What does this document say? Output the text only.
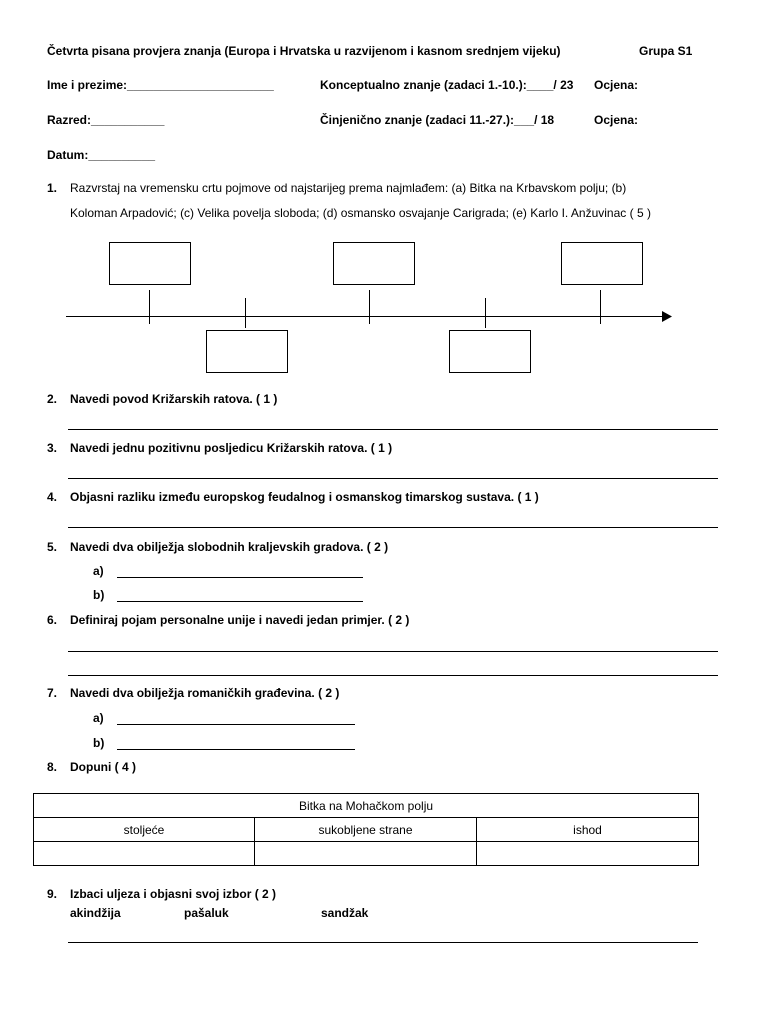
Četvrta pisana provjera znanja (Europa i Hrvatska u razvijenom i kasnom srednjem vijeku)	Grupa S1
Ime i prezime:______________________	Konceptualno znanje (zadaci 1.-10.):____/ 23 Ocjena:
Razred:___________	Činjenično znanje (zadaci 11.-27.):___/ 18	Ocjena:
Datum:__________
1. Razvrstaj na vremensku crtu pojmove od najstarijeg prema najmlađem: (a) Bitka na Krbavskom polju; (b)
Koloman Arpadović; (c) Velika povelja sloboda; (d) osmansko osvajanje Carigrada; (e) Karlo I. Anžuvinac ( 5 )
2. Navedi povod Križarskih ratova. ( 1 )
3. Navedi jednu pozitivnu posljedicu Križarskih ratova. ( 1 )
4. Objasni razliku između europskog feudalnog i osmanskog timarskog sustava. ( 1 )
5. Navedi dva obilježja slobodnih kraljevskih gradova. ( 2 )
a)
b)
6. Definiraj pojam personalne unije i navedi jedan primjer. ( 2 )
7. Navedi dva obilježja romaničkih građevina. ( 2 )
a)
b)
8. Dopuni ( 4 )
Bitka na Mohačkom polju		
stoljeće	sukobljene strane	ishod

9. Izbaci uljeza i objasni svoj izbor ( 2 )
akindžija	pašaluk	sandžak
